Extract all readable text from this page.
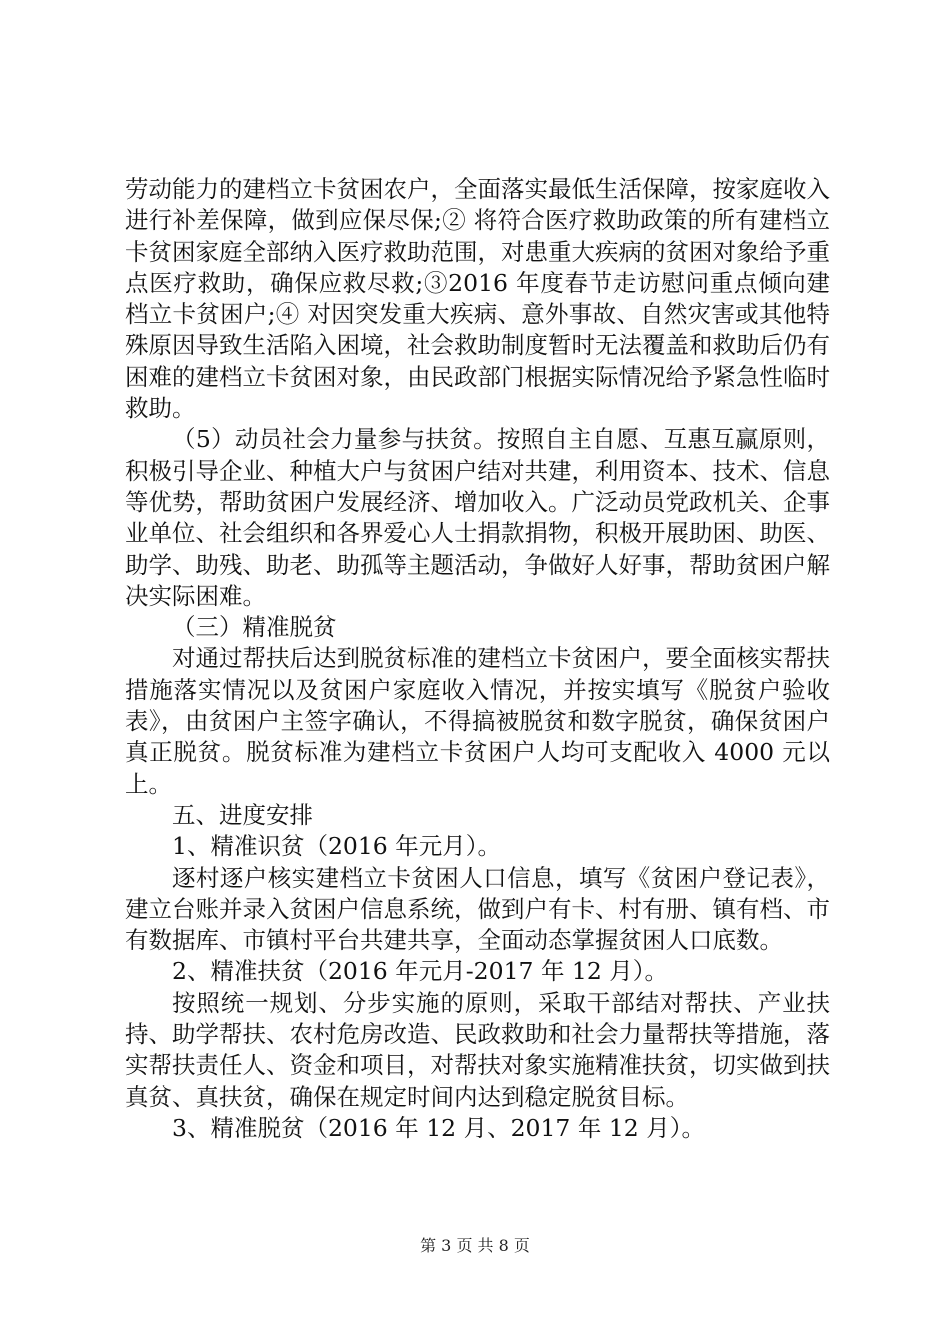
劳动能力的建档立卡贫困农户，全面落实最低生活保障，按家庭收入进行补差保障，做到应保尽保;② 将符合医疗救助政策的所有建档立卡贫困家庭全部纳入医疗救助范围，对患重大疾病的贫困对象给予重点医疗救助，确保应救尽救;③2016 年度春节走访慰问重点倾向建档立卡贫困户;④ 对因突发重大疾病、意外事故、自然灾害或其他特殊原因导致生活陷入困境，社会救助制度暂时无法覆盖和救助后仍有困难的建档立卡贫困对象，由民政部门根据实际情况给予紧急性临时救助。

（5）动员社会力量参与扶贫。按照自主自愿、互惠互赢原则，积极引导企业、种植大户与贫困户结对共建，利用资本、技术、信息等优势，帮助贫困户发展经济、增加收入。广泛动员党政机关、企事业单位、社会组织和各界爱心人士捐款捐物，积极开展助困、助医、助学、助残、助老、助孤等主题活动，争做好人好事，帮助贫困户解决实际困难。

（三）精准脱贫

对通过帮扶后达到脱贫标准的建档立卡贫困户，要全面核实帮扶措施落实情况以及贫困户家庭收入情况，并按实填写《脱贫户验收表》，由贫困户主签字确认，不得搞被脱贫和数字脱贫，确保贫困户真正脱贫。脱贫标准为建档立卡贫困户人均可支配收入 4000 元以上。

五、进度安排

1、精准识贫（2016 年元月）。

逐村逐户核实建档立卡贫困人口信息，填写《贫困户登记表》，建立台账并录入贫困户信息系统，做到户有卡、村有册、镇有档、市有数据库、市镇村平台共建共享，全面动态掌握贫困人口底数。

2、精准扶贫（2016 年元月-2017 年 12 月）。

按照统一规划、分步实施的原则，采取干部结对帮扶、产业扶持、助学帮扶、农村危房改造、民政救助和社会力量帮扶等措施，落实帮扶责任人、资金和项目，对帮扶对象实施精准扶贫，切实做到扶真贫、真扶贫，确保在规定时间内达到稳定脱贫目标。

3、精准脱贫（2016 年 12 月、2017 年 12 月）。

第 3 页 共 8 页
